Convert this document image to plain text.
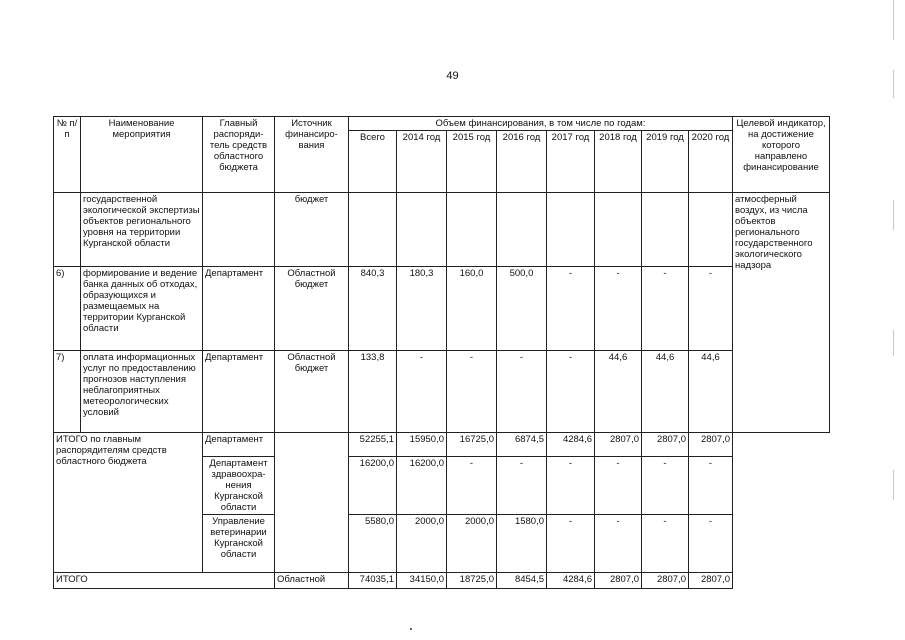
49
№ п/п	Наименование мероприятия	Главный распоряди-тель средств областного бюджета	Источник финансиро-вания	Объем финансирования, в том числе по годам:								Целевой индикатор, на достижение которого направлено финансирование
				Всего	2014 год	2015 год	2016 год	2017 год	2018 год	2019 год	2020 год	
	государственной экологической экспертизы объектов регионального уровня на территории Курганской области		бюджет									атмосферный воздух, из числа объектов регионального государственного экологического надзора
6)	формирование и ведение банка данных об отходах, образующихся и размещаемых на территории Курганской области	Департамент	Областной бюджет	840,3	180,3	160,0	500,0	-	-	-	-	
7)	оплата информационных услуг по предоставлению прогнозов наступления неблагоприятных метеорологических условий	Департамент	Областной бюджет	133,8	-	-	-	-	44,6	44,6	44,6	
ИТОГО по главным распорядителям средств областного бюджета		Департамент		52255,1	15950,0	16725,0	6874,5	4284,6	2807,0	2807,0	2807,0	
		Департамент здравоохра-нения Курганской области		16200,0	16200,0	-	-	-	-	-	-	
		Управление ветеринарии Курганской области		5580,0	2000,0	2000,0	1580,0	-	-	-	-	
ИТОГО			Областной	74035,1	34150,0	18725,0	8454,5	4284,6	2807,0	2807,0	2807,0	
